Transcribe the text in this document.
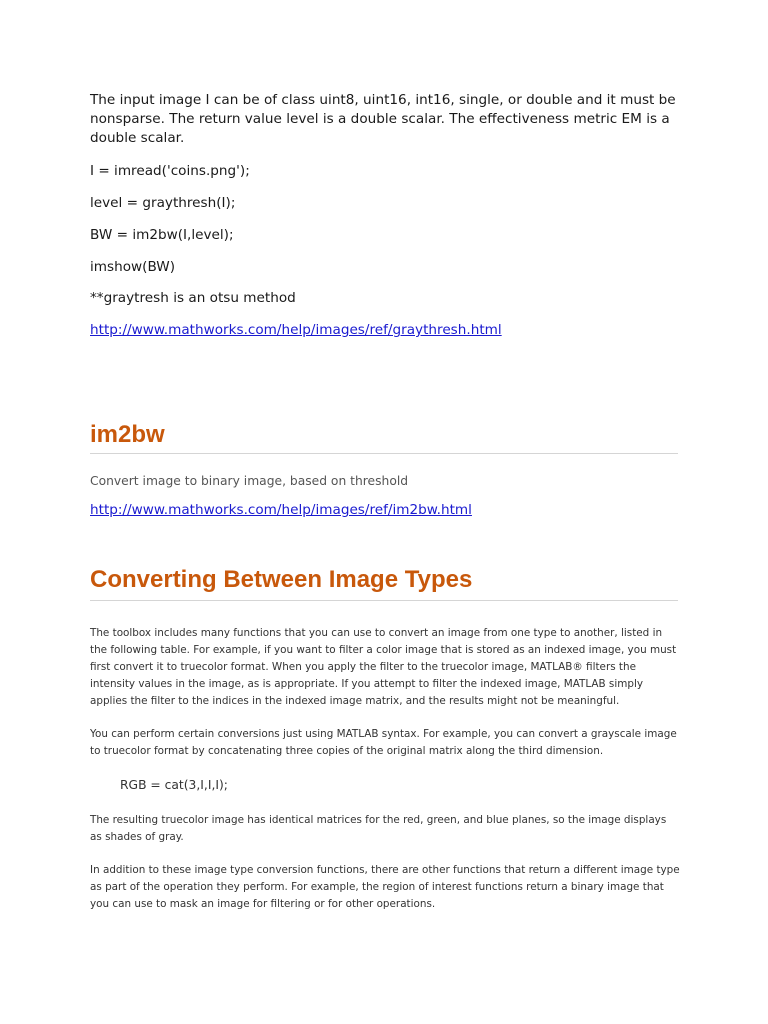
The input image I can be of class uint8, uint16, int16, single, or double and it must be nonsparse. The return value level is a double scalar. The effectiveness metric EM is a double scalar.

I = imread('coins.png');
level = graythresh(I);
BW = im2bw(I,level);
imshow(BW)
**graytresh is an otsu method
http://www.mathworks.com/help/images/ref/graythresh.html
im2bw
Convert image to binary image, based on threshold
http://www.mathworks.com/help/images/ref/im2bw.html
Converting Between Image Types

The toolbox includes many functions that you can use to convert an image from one type to another, listed in the following table. For example, if you want to filter a color image that is stored as an indexed image, you must first convert it to truecolor format. When you apply the filter to the truecolor image, MATLAB® filters the intensity values in the image, as is appropriate. If you attempt to filter the indexed image, MATLAB simply applies the filter to the indices in the indexed image matrix, and the results might not be meaningful.

You can perform certain conversions just using MATLAB syntax. For example, you can convert a grayscale image to truecolor format by concatenating three copies of the original matrix along the third dimension.

RGB = cat(3,I,I,I);

The resulting truecolor image has identical matrices for the red, green, and blue planes, so the image displays as shades of gray.

In addition to these image type conversion functions, there are other functions that return a different image type as part of the operation they perform. For example, the region of interest functions return a binary image that you can use to mask an image for filtering or for other operations.
